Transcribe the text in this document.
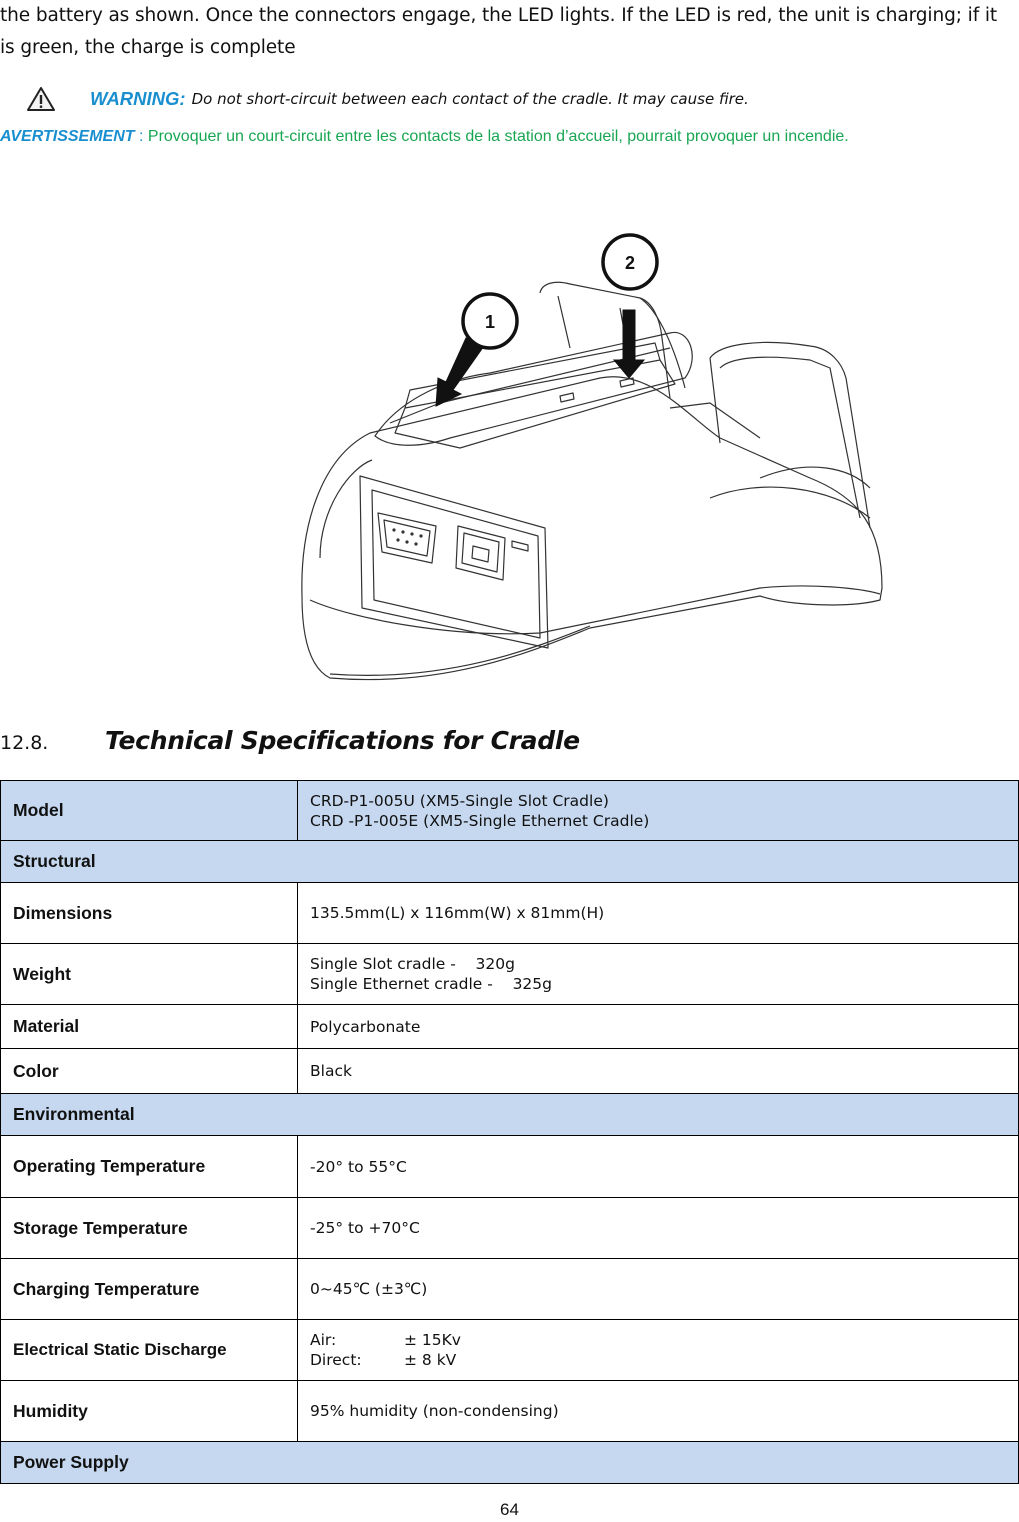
the battery as shown. Once the connectors engage, the LED lights. If the LED is red, the unit is charging; if it is green, the charge is complete
WARNING: Do not short-circuit between each contact of the cradle. It may cause fire.
AVERTISSEMENT : Provoquer un court-circuit entre les contacts de la station d’accueil, pourrait provoquer un incendie.
1
2
12.8.	Technical Specifications for Cradle
Model	CRD-P1-005U (XM5-Single Slot Cradle)
CRD -P1-005E (XM5-Single Ethernet Cradle)

Structural	
Dimensions	135.5mm(L) x 116mm(W) x 81mm(H)
Weight	Single Slot cradle -    320g
Single Ethernet cradle -    325g

Material	Polycarbonate
Color	Black
Environmental	
Operating Temperature	-20° to 55°C
Storage Temperature	-25° to +70°C
Charging Temperature	0~45℃ (±3℃)
Electrical Static Discharge	Air: ± 15Kv
Direct: ± 8 kV

Humidity	95% humidity (non-condensing)
Power Supply	
64
